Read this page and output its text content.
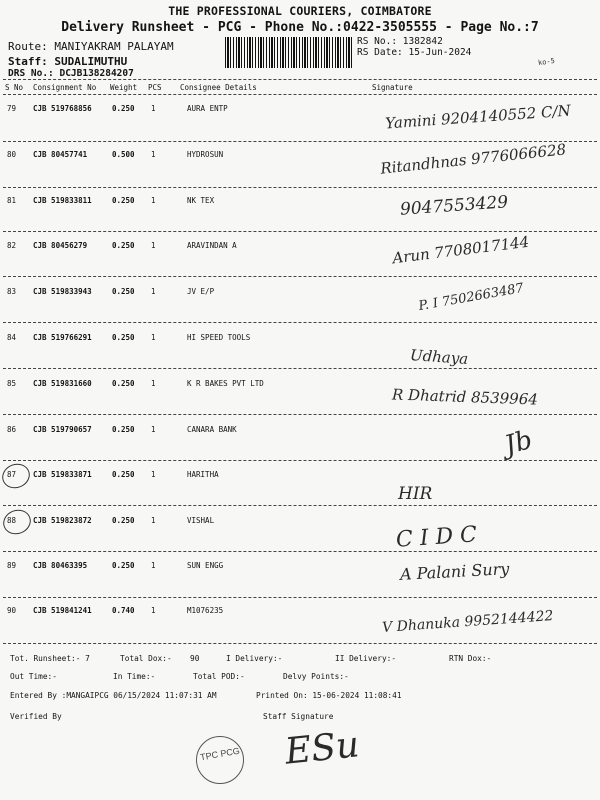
THE PROFESSIONAL COURIERS, COIMBATORE
Delivery Runsheet - PCG - Phone No.:0422-3505555 - Page No.:7
Route: MANIYAKRAM PALAYAM
Staff: SUDALIMUTHU
DRS No.: DCJB138284207
RS No.: 1382842
RS Date: 15-Jun-2024
ko-5
S No Consignment No Weight PCS Consignee Details	Signature
79 CJB 519768856	0.250 1	AURA ENTP	Yamini 9204140552 C/N
80 CJB 80457741	0.500 1	HYDROSUN	Ritandhnas 9776066628
81 CJB 519833811	0.250 1	NK TEX	9047553429
82 CJB 80456279	0.250 1	ARAVINDAN A	Arun 7708017144
83 CJB 519833943	0.250 1	JV E/P	P. I 7502663487
84 CJB 519766291	0.250 1	HI SPEED TOOLS
Udhaya
85 CJB 519831660	0.250 1	K R BAKES PVT LTD
R Dhatrid 8539964
86 CJB 519790657	0.250 1	CANARA BANK	Jb
87 CJB 519833871	0.250 1	HARITHA
HIR
88 CJB 519823872	0.250 1	VISHAL
C I D C
89 CJB 80463395	0.250 1	SUN ENGG	A Palani Sury
90 CJB 519841241	0.740 1	M1076235	V Dhanuka 9952144422
Tot. Runsheet:- 7	Total Dox:- 90	I Delivery:-	II Delivery:-	RTN Dox:-
Out Time:-	In Time:-	Total POD:-	Delvy Points:-
Entered By :MANGAIPCG 06/15/2024 11:07:31 AM	Printed On: 15-06-2024 11:08:41
Verified By	Staff Signature
TPC PCG ESu
